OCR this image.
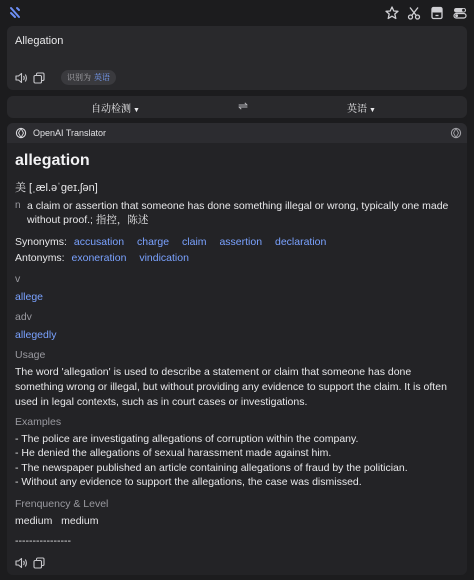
Allegation
识别为 英语
自动检测 ▼	⇌	英语 ▼
OpenAI Translator
allegation
美 [ˌæl.əˈɡeɪ.ʃən]
n a claim or assertion that someone has done something illegal or wrong, typically one made without proof.; 指控，陈述
Synonyms: accusation charge claim assertion declaration
Antonyms: exoneration vindication
v
allege
adv
allegedly
Usage
The word 'allegation' is used to describe a statement or claim that someone has done something wrong or illegal, but without providing any evidence to support the claim. It is often used in legal contexts, such as in court cases or investigations.
Examples
- The police are investigating allegations of corruption within the company.
- He denied the allegations of sexual harassment made against him.
- The newspaper published an article containing allegations of fraud by the politician.
- Without any evidence to support the allegations, the case was dismissed.
Frenquency & Level
medium medium
----------------
